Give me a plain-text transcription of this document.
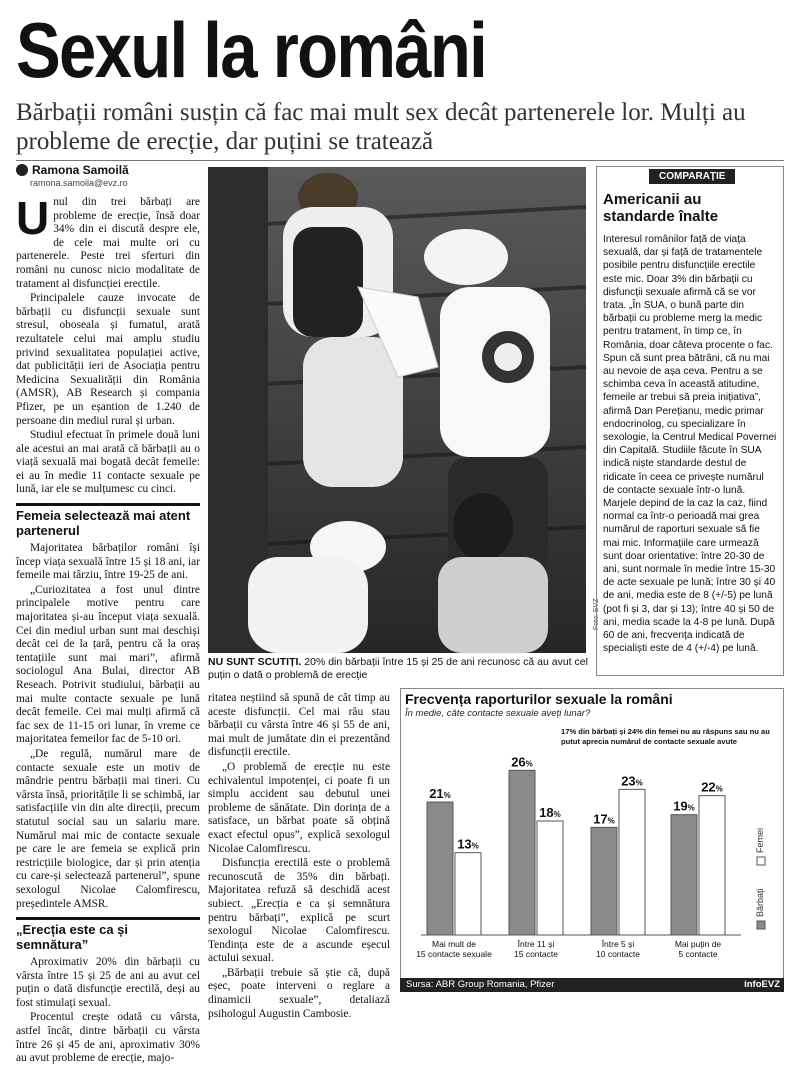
Sexul la români
Bărbații români susțin că fac mai mult sex decât partenerele lor. Mulți au probleme de erecție, dar puțini se tratează
Ramona Samoilă
ramona.samoila@evz.ro

Unul din trei bărbați are probleme de erecție, însă doar 34% din ei discută despre ele, de cele mai multe ori cu partenerele. Peste trei sferturi din români nu cunosc nicio modalitate de tratament al disfuncției erectile.

Principalele cauze invocate de bărbații cu disfuncții sexuale sunt stresul, oboseala și fumatul, arată rezultatele celui mai amplu studiu privind sexualitatea populației active, dat publicității ieri de Asociația pentru Medicina Sexualității din România (AMSR), AB Research și compania Pfizer, pe un eșantion de 1.240 de persoane din mediul rural și urban.

Studiul efectuat în primele două luni ale acestui an mai arată că bărbații au o viață sexuală mai bogată decât femeile: ei au în medie 11 contacte sexuale pe lună, iar ele se mulțumesc cu cinci.

Femeia selectează mai atent partenerul

Majoritatea bărbaților români își încep viața sexuală între 15 și 18 ani, iar femeile mai târziu, între 19-25 de ani.

„Curiozitatea a fost unul dintre principalele motive pentru care majoritatea și-au început viața sexuală. Cei din mediul urban sunt mai deschiși decât cei de la țară, pentru că la oraș tentațiile sunt mai mari”, afirmă sociologul Ana Bulai, director AB Reseach. Potrivit studiului, bărbații au mai multe contacte sexuale pe lună decât femeile. Cei mai mulți afirmă că fac sex de 11-15 ori lunar, în vreme ce majoritatea femeilor fac de 5-10 ori.

„De regulă, numărul mare de contacte sexuale este un motiv de mândrie pentru bărbații mai tineri. Cu vârsta însă, prioritățile li se schimbă, iar satisfacțiile vin din alte direcții, precum statutul social sau un salariu mare. Numărul mai mic de contacte sexuale pe care le are femeia se explică prin restricțiile biologice, dar și prin atenția cu care-și selectează partenerul”, spune sexologul Nicolae Calomfirescu, președintele AMSR.

„Erecția este ca și semnătura”

Aproximativ 20% din bărbații cu vârsta între 15 și 25 de ani au avut cel puțin o dată disfuncție erectilă, deși au fost stimulați sexual.

Procentul crește odată cu vârsta, astfel încât, dintre bărbații cu vârsta între 26 și 45 de ani, aproximativ 30% au avut probleme de erecție, majo-

Foto: EVZ
NU SUNT SCUTIȚI. 20% din bărbații între 15 și 25 de ani recunosc că au avut cel puțin o dată o problemă de erecție

ritatea neștiind să spună de cât timp au aceste disfuncții. Cel mai rău stau bărbații cu vârsta între 46 și 55 de ani, mai mult de jumătate din ei prezentând disfuncții erectile.

„O problemă de erecție nu este echivalentul impotenței, ci poate fi un simplu accident sau debutul unei probleme de sănătate. Din dorința de a satisface, un bărbat poate să obțină exact efectul opus”, explică sexologul Nicolae Calomfirescu.

Disfuncția erectilă este o problemă recunoscută de 35% din bărbați. Majoritatea refuză să deschidă acest subiect. „Erecția e ca și semnătura pentru bărbați”, explică pe scurt sexologul Nicolae Calomfirescu. Tendința este de a ascunde eșecul actului sexual.

„Bărbații trebuie să știe că, după eșec, poate interveni o reglare a dinamicii sexuale”, detaliază psihologul Augustin Cambosie.

COMPARAȚIE
Americanii au standarde înalte
Interesul românilor față de viața sexuală, dar și față de tratamentele posibile pentru disfuncțiile erectile este mic. Doar 3% din bărbații cu disfuncții sexuale afirmă că se vor trata. „În SUA, o bună parte din bărbații cu probleme merg la medic pentru tratament, în timp ce, în România, doar câteva procente o fac. Spun că sunt prea bătrâni, că nu mai au nevoie de așa ceva. Pentru a se schimba ceva în această atitudine, femeile ar trebui să preia inițiativa”, afirmă Dan Perețianu, medic primar endocrinolog, cu specializare în sexologie, la Centrul Medical Povernei din Capitală. Studiile făcute în SUA indică niște standarde destul de ridicate în ceea ce privește numărul de contacte sexuale într-o lună. Marjele depind de la caz la caz, fiind normal ca într-o perioadă mai grea numărul de raporturi sexuale să fie mai mic. Informațiile care urmează sunt doar orientative: între 20-30 de ani, sunt normale în medie între 15-30 de acte sexuale pe lună; între 30 și 40 de ani, media este de 8 (+/-5) pe lună (pot fi și 3, dar și 13); între 40 și 50 de ani, media scade la 4-8 pe lună. După 60 de ani, frecvența indicată de specialiști este de 4 (+/-4) pe lună.
Frecvența raporturilor sexuale la români
În medie, câte contacte sexuale aveți lunar?
17% din bărbați și 24% din femei nu au răspuns sau nu au putut aprecia numărul de contacte sexuale avute
21%
13%
Mai mult de
15 contacte sexuale
26%
18%
Între 11 și
15 contacte
17%
23%
Între 5 și
10 contacte
19%
22%
Mai puțin de
5 contacte
Bărbați
Femei
Sursa: ABR Group Romania, Pfizer	infoEVZ
